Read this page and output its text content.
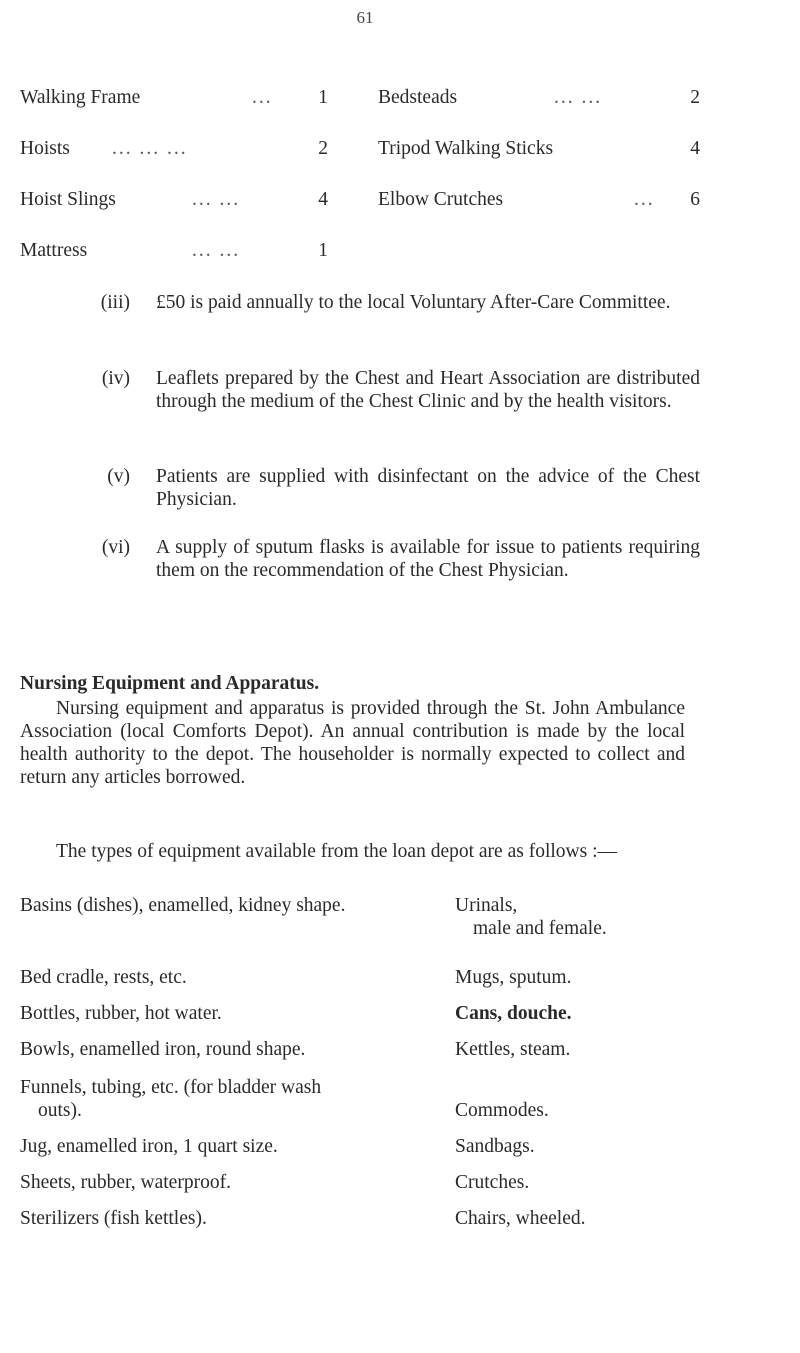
61
Walking Frame	...	1	Bedsteads	... ...	2
Hoists ... ... ...	2	Tripod Walking Sticks	4
Hoist Slings	... ...	4	Elbow Crutches	...	6
Mattress	... ...	1
(iii) £50 is paid annually to the local Voluntary After-Care Committee.
(iv) Leaflets prepared by the Chest and Heart Association are distributed through the medium of the Chest Clinic and by the health visitors.
(v) Patients are supplied with disinfectant on the advice of the Chest Physician.
(vi) A supply of sputum flasks is available for issue to patients requiring them on the recommendation of the Chest Physician.
Nursing Equipment and Apparatus.
Nursing equipment and apparatus is provided through the St. John Ambulance Association (local Comforts Depot). An annual contribution is made by the local health authority to the depot. The householder is normally expected to collect and return any articles borrowed.
The types of equipment available from the loan depot are as follows :—
Basins (dishes), enamelled, kidney shape.	Urinals,
male and female.
Bed cradle, rests, etc.	Mugs, sputum.
Bottles, rubber, hot water.	Cans, douche.
Bowls, enamelled iron, round shape.	Kettles, steam.
Funnels, tubing, etc. (for bladder wash
outs).	Commodes.
Jug, enamelled iron, 1 quart size.	Sandbags.
Sheets, rubber, waterproof.	Crutches.
Sterilizers (fish kettles).	Chairs, wheeled.
